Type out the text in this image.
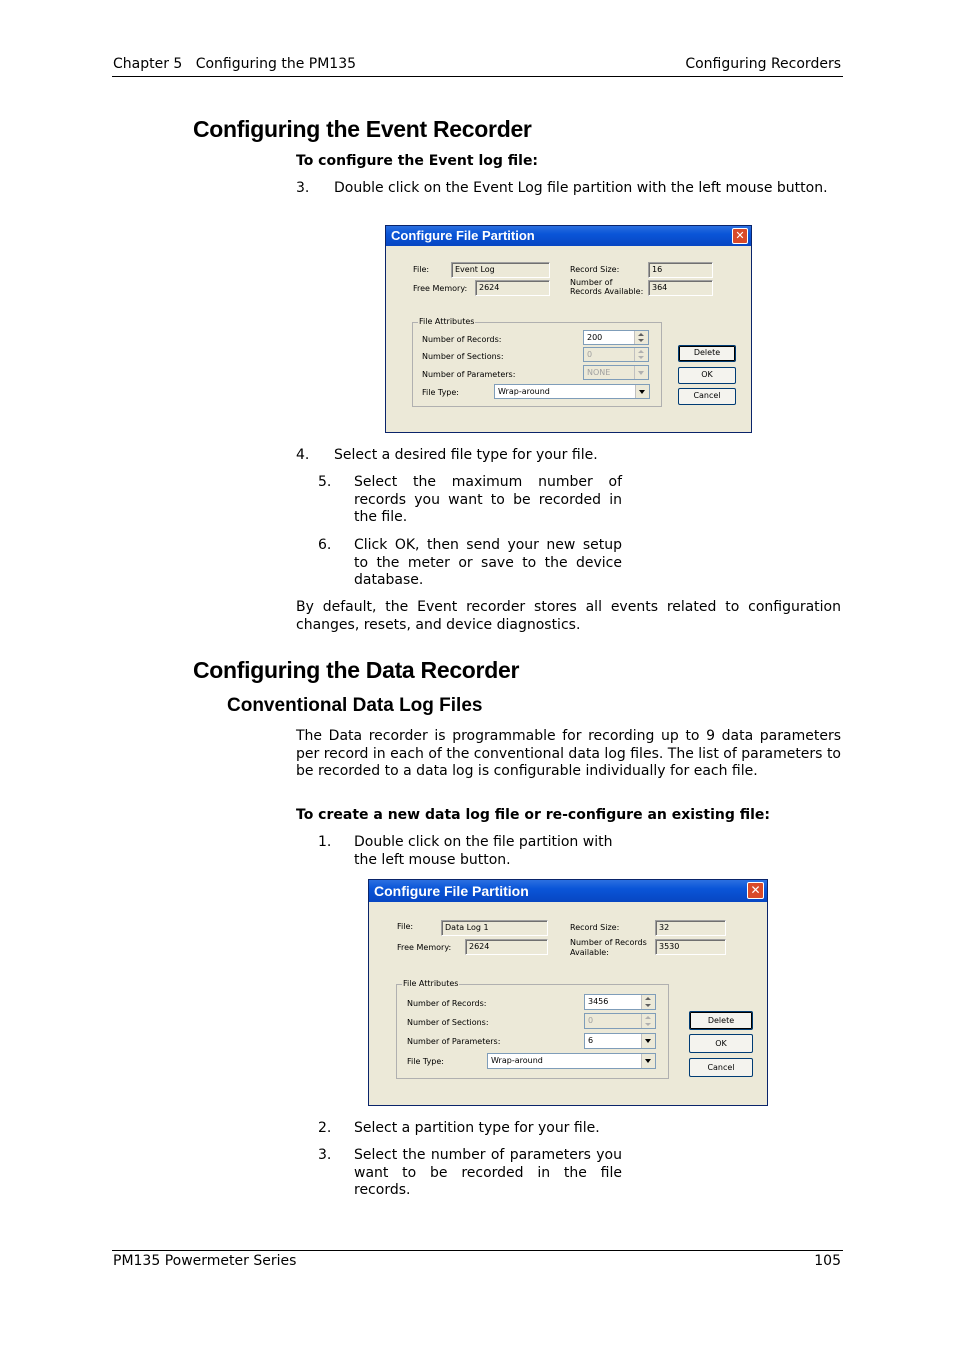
Chapter 5 Configuring the PM135	Configuring Recorders
Configuring the Event Recorder
To configure the Event log file:
3. Double click on the Event Log file partition with the left mouse button.
Configure File Partition	✕
File:	Event Log
Free Memory:	2624
Record Size:	16
Number of Records Available:	364
File Attributes
Number of Records:	200
Number of Sections:	0
Number of Parameters:	NONE
File Type:	Wrap-around
Delete
OK
Cancel
4. Select a desired file type for your file.
5. Select the maximum number of records you want to be recorded in the file.
6. Click OK, then send your new setup to the meter or save to the device database.
By default, the Event recorder stores all events related to configuration changes, resets, and device diagnostics.
Configuring the Data Recorder
Conventional Data Log Files
The Data recorder is programmable for recording up to 9 data parameters per record in each of the conventional data log files. The list of parameters to be recorded to a data log is configurable individually for each file.
To create a new data log file or re-configure an existing file:
1. Double click on the file partition with the left mouse button.
Configure File Partition	✕
File:	Data Log 1
Free Memory:	2624
Record Size:	32
Number of Records Available:
3530
File Attributes
Number of Records:	3456
Number of Sections:	0
Number of Parameters:	6
File Type:	Wrap-around
Delete
OK
Cancel
2. Select a partition type for your file.
3. Select the number of parameters you want to be recorded in the file records.
PM135 Powermeter Series	105
